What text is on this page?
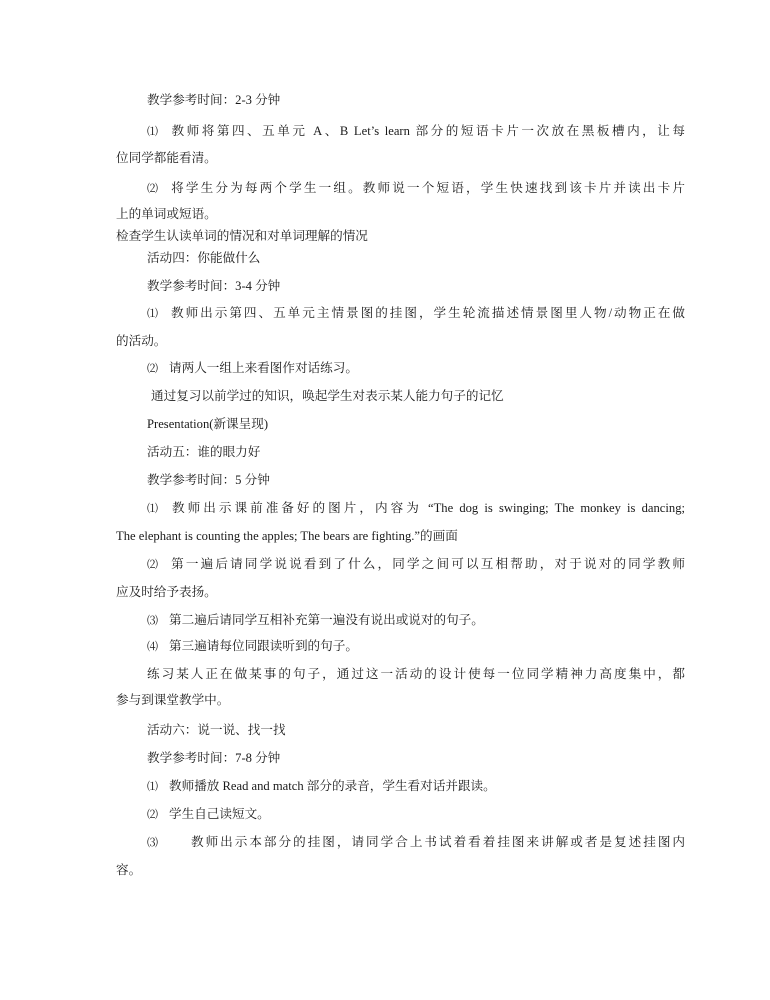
教学参考时间：2-3 分钟
⑴ 教师将第四、五单元 A、B Let’s learn 部分的短语卡片一次放在黑板槽内，让每
位同学都能看清。
⑵ 将学生分为每两个学生一组。教师说一个短语，学生快速找到该卡片并读出卡片
上的单词或短语。
检查学生认读单词的情况和对单词理解的情况
活动四：你能做什么
教学参考时间：3-4 分钟
⑴ 教师出示第四、五单元主情景图的挂图，学生轮流描述情景图里人物/动物正在做
的活动。
⑵ 请两人一组上来看图作对话练习。
通过复习以前学过的知识，唤起学生对表示某人能力句子的记忆
Presentation(新课呈现)
活动五：谁的眼力好
教学参考时间：5 分钟
⑴ 教师出示课前准备好的图片，内容为 “The dog is swinging; The monkey is dancing;
The elephant is counting the apples; The bears are fighting.”的画面
⑵ 第一遍后请同学说说看到了什么，同学之间可以互相帮助，对于说对的同学教师
应及时给予表扬。
⑶ 第二遍后请同学互相补充第一遍没有说出或说对的句子。
⑷ 第三遍请每位同跟读听到的句子。
练习某人正在做某事的句子，通过这一活动的设计使每一位同学精神力高度集中，都
参与到课堂教学中。
活动六：说一说、找一找
教学参考时间：7-8 分钟
⑴ 教师播放 Read and match 部分的录音，学生看对话并跟读。
⑵ 学生自己读短文。
⑶ 教师出示本部分的挂图，请同学合上书试着看着挂图来讲解或者是复述挂图内
容。
